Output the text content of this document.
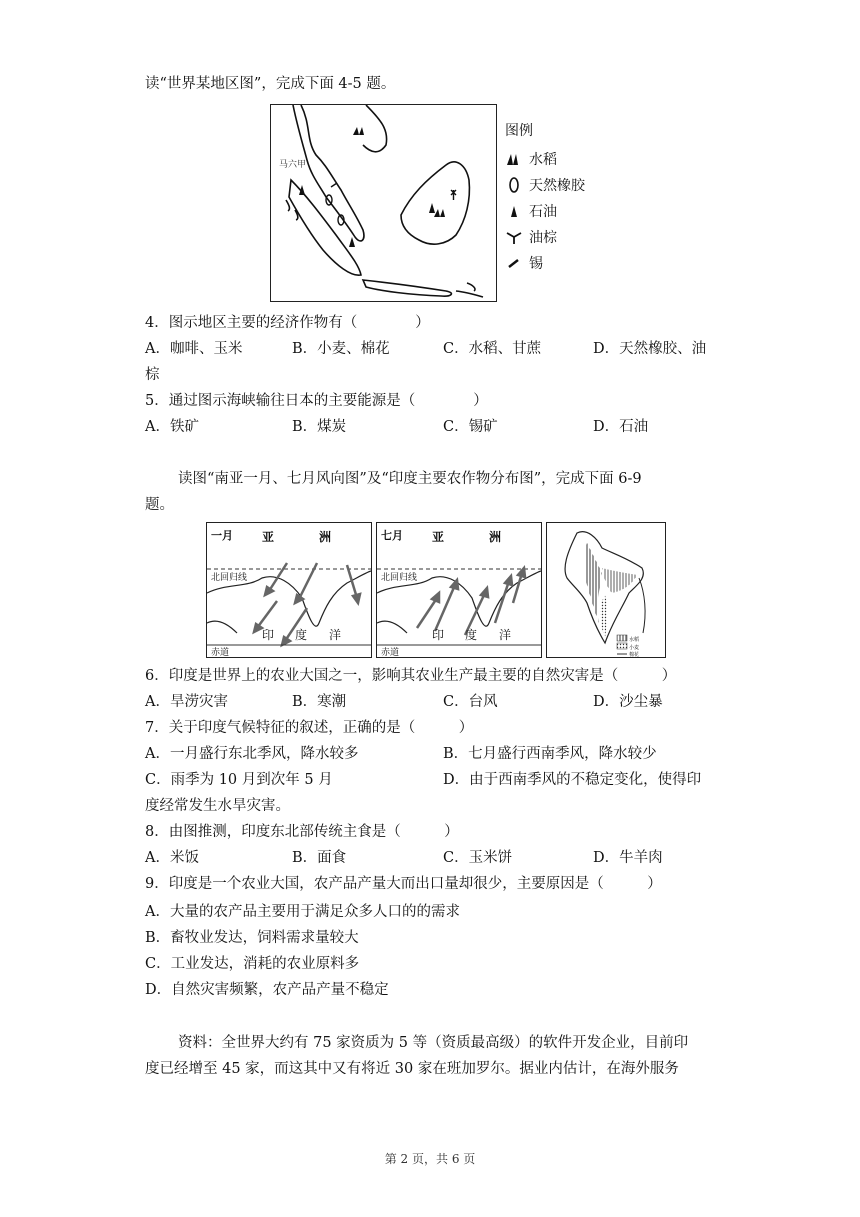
读“世界某地区图”，完成下面 4-5 题。
马六甲
图例
水稻
天然橡胶
石油
油棕
锡
4．图示地区主要的经济作物有（　　　　）
A．咖啡、玉米	B．小麦、棉花	C．水稻、甘蔗	D．天然橡胶、油
棕
5．通过图示海峡输往日本的主要能源是（　　　　）
A．铁矿	B．煤炭	C．锡矿	D．石油
读图“南亚一月、七月风向图”及“印度主要农作物分布图”，完成下面 6-9
题。
一月 亚	洲
北回归线
印 度 洋
赤道
七月 亚	洲
北回归线
印 度 洋
赤道
水稻
小麦
棉花
6．印度是世界上的农业大国之一，影响其农业生产最主要的自然灾害是（　　　）
A．旱涝灾害	B．寒潮	C．台风	D．沙尘暴
7．关于印度气候特征的叙述，正确的是（　　　）
A．一月盛行东北季风，降水较多	B．七月盛行西南季风，降水较少
C．雨季为 10 月到次年 5 月	D．由于西南季风的不稳定变化，使得印
度经常发生水旱灾害。
8．由图推测，印度东北部传统主食是（　　　）
A．米饭	B．面食	C．玉米饼	D．牛羊肉
9．印度是一个农业大国，农产品产量大而出口量却很少，主要原因是（　　　）
A．大量的农产品主要用于满足众多人口的的需求
B．畜牧业发达，饲料需求量较大
C．工业发达，消耗的农业原料多
D．自然灾害频繁，农产品产量不稳定
资料：全世界大约有 75 家资质为 5 等（资质最高级）的软件开发企业，目前印
度已经增至 45 家，而这其中又有将近 30 家在班加罗尔。据业内估计，在海外服务
第 2 页，共 6 页
